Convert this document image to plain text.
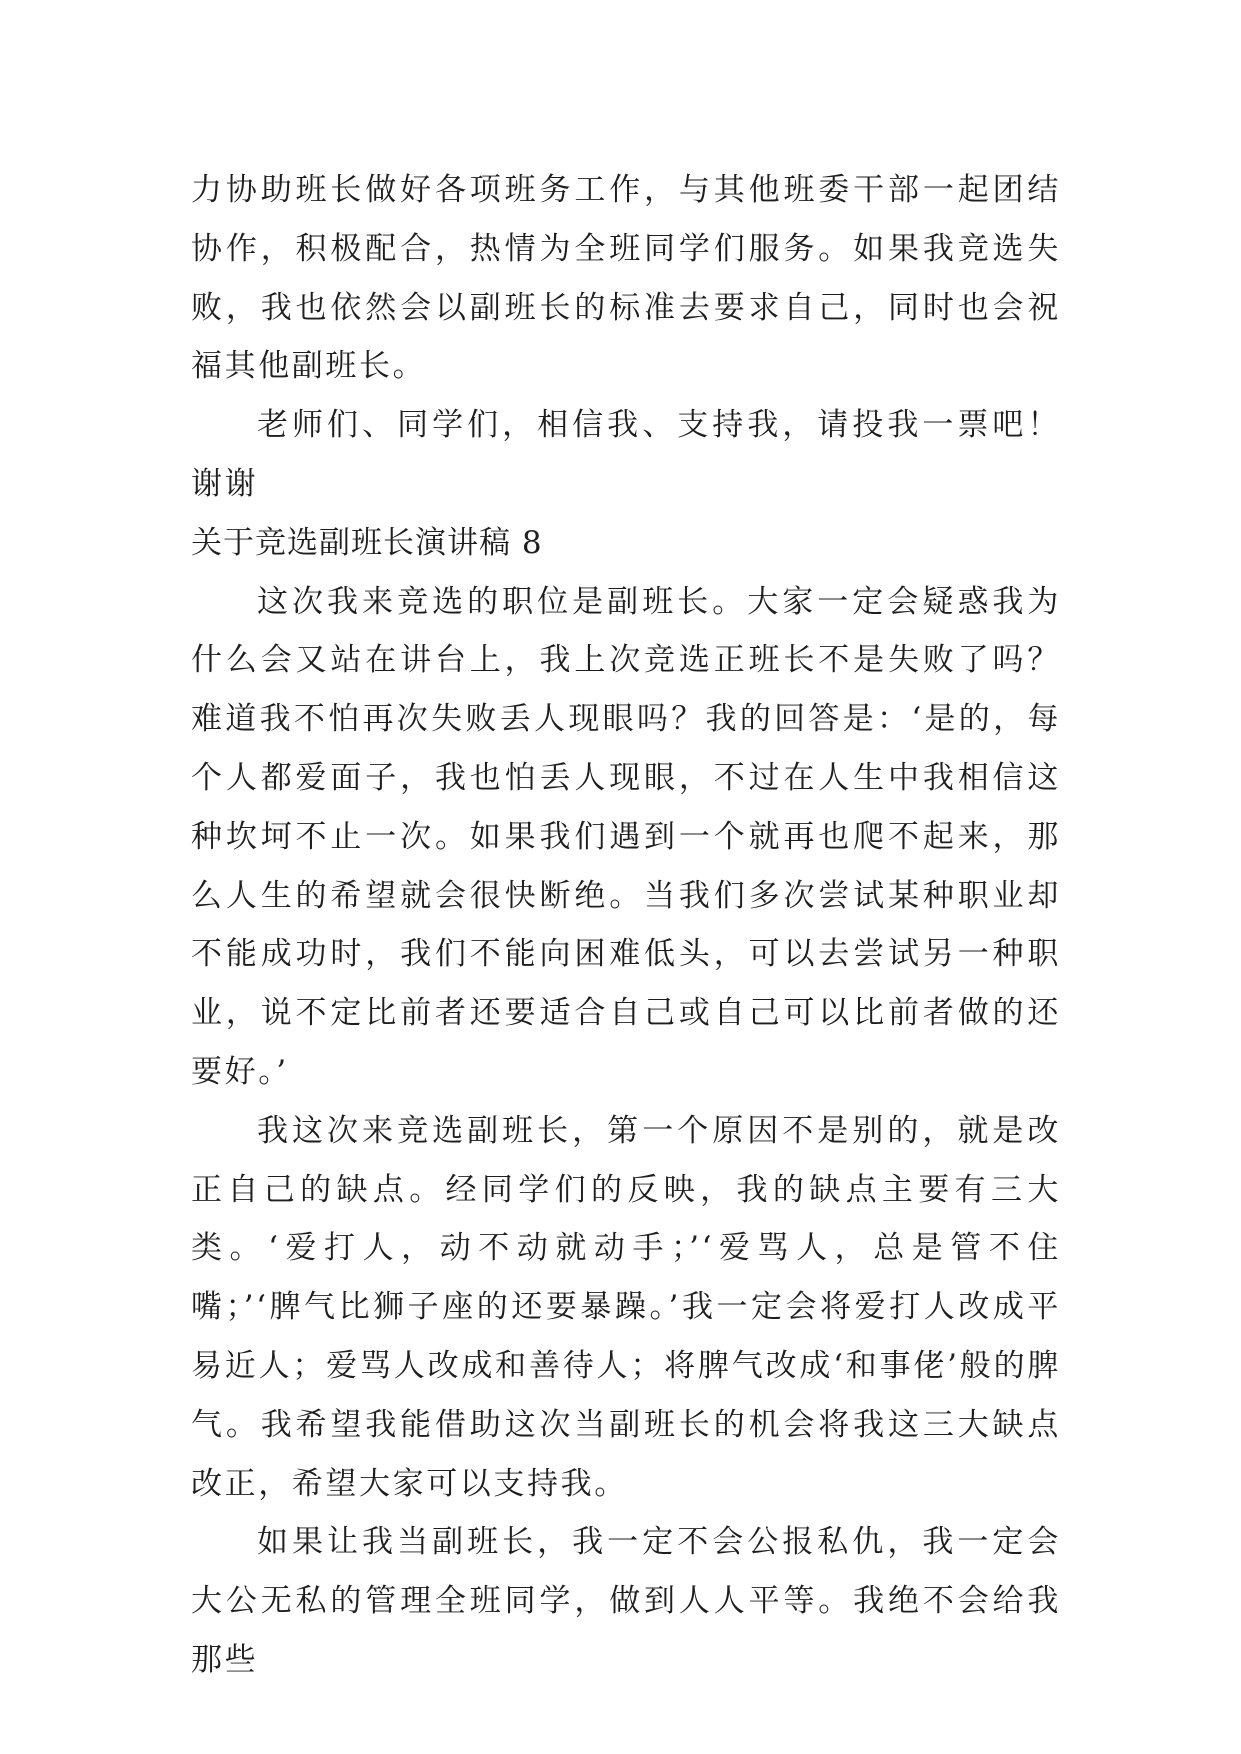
力协助班长做好各项班务工作，与其他班委干部一起团结协作，积极配合，热情为全班同学们服务。如果我竞选失败，我也依然会以副班长的标准去要求自己，同时也会祝福其他副班长。

老师们、同学们，相信我、支持我，请投我一票吧！谢谢

关于竞选副班长演讲稿 8

这次我来竞选的职位是副班长。大家一定会疑惑我为什么会又站在讲台上，我上次竞选正班长不是失败了吗？难道我不怕再次失败丢人现眼吗？我的回答是：‘是的，每个人都爱面子，我也怕丢人现眼，不过在人生中我相信这种坎坷不止一次。如果我们遇到一个就再也爬不起来，那么人生的希望就会很快断绝。当我们多次尝试某种职业却不能成功时，我们不能向困难低头，可以去尝试另一种职业，说不定比前者还要适合自己或自己可以比前者做的还要好。’

我这次来竞选副班长，第一个原因不是别的，就是改正自己的缺点。经同学们的反映，我的缺点主要有三大类。‘爱打人，动不动就动手；’‘爱骂人，总是管不住嘴；’‘脾气比狮子座的还要暴躁。’我一定会将爱打人改成平易近人；爱骂人改成和善待人；将脾气改成‘和事佬’般的脾气。我希望我能借助这次当副班长的机会将我这三大缺点改正，希望大家可以支持我。

如果让我当副班长，我一定不会公报私仇，我一定会大公无私的管理全班同学，做到人人平等。我绝不会给我那些
